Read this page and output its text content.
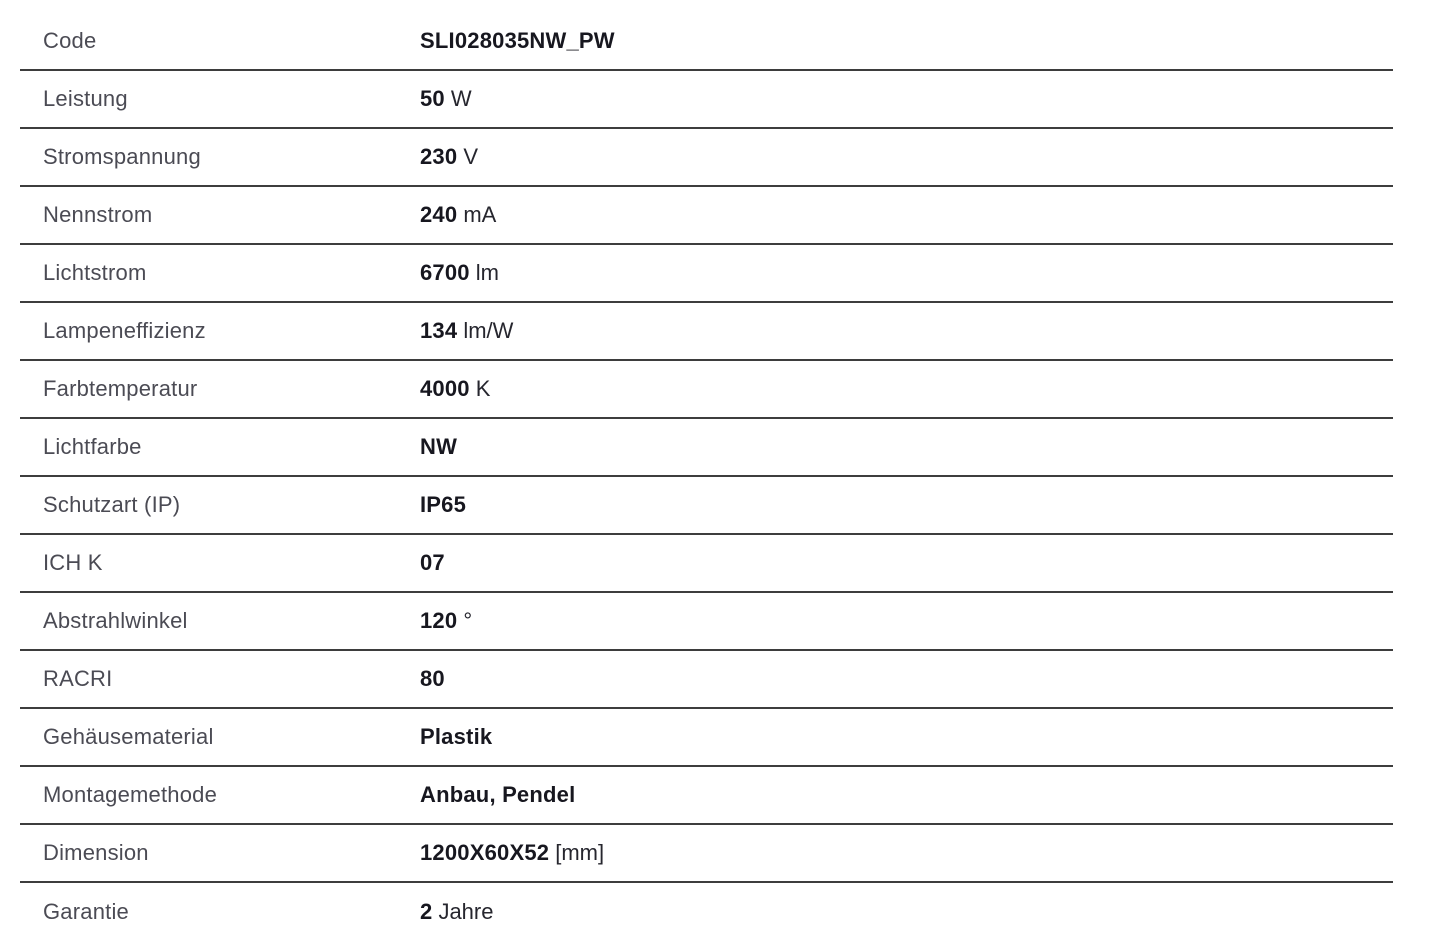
Code	SLI028035NW_PW
Leistung	50 W
Stromspannung	230 V
Nennstrom	240 mA
Lichtstrom	6700 lm
Lampeneffizienz	134 lm/W
Farbtemperatur	4000 K
Lichtfarbe	NW
Schutzart (IP)	IP65
ICH K	07
Abstrahlwinkel	120 °
RACRI	80
Gehäusematerial	Plastik
Montagemethode	Anbau, Pendel
Dimension	1200X60X52 [mm]
Garantie	2 Jahre
